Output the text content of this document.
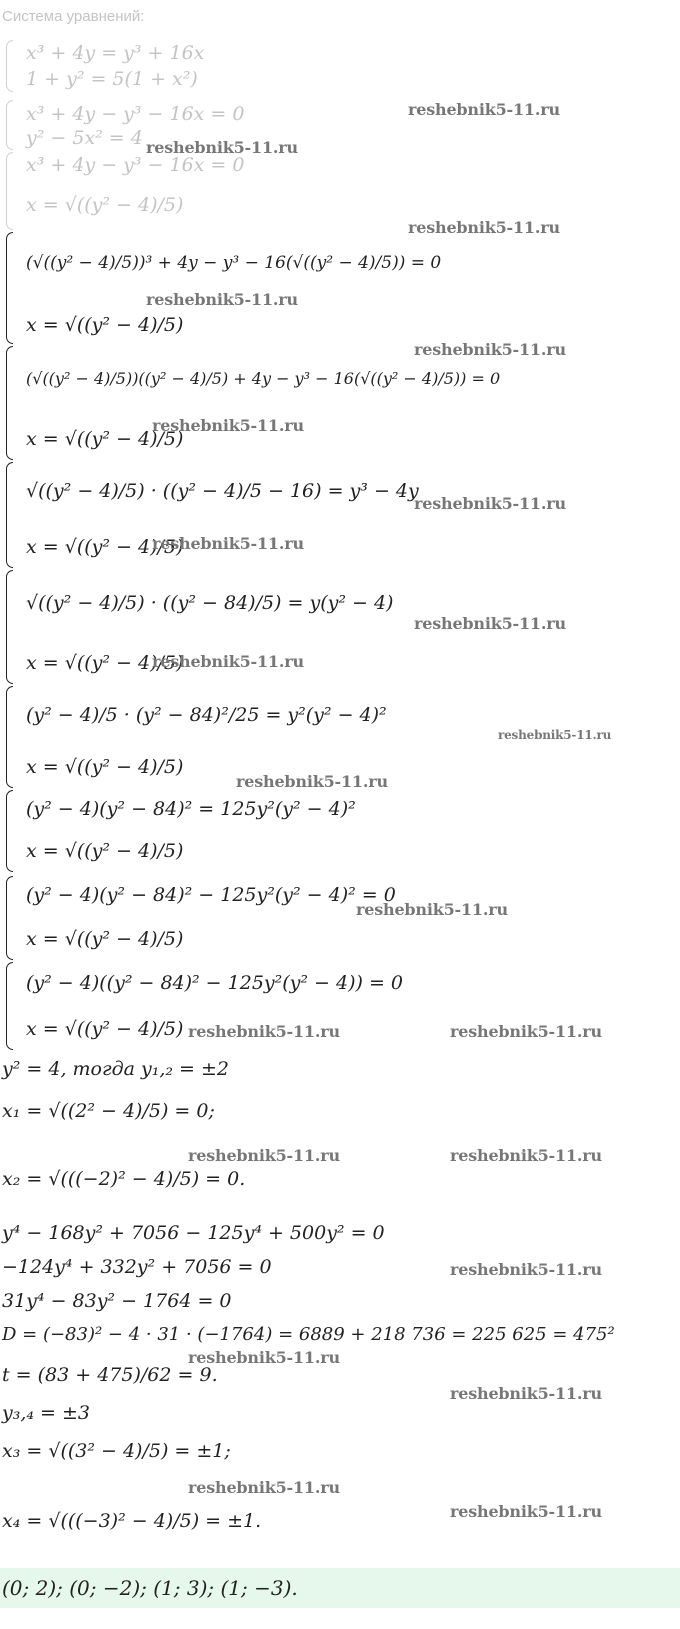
Система уравнений:
x³ + 4y = y³ + 16x
1 + y² = 5(1 + x²)
x³ + 4y − y³ − 16x = 0
y² − 5x² = 4
x³ + 4y − y³ − 16x = 0
x = √((y² − 4)/5)
(√((y² − 4)/5))³ + 4y − y³ − 16(√((y² − 4)/5)) = 0
x = √((y² − 4)/5)
(√((y² − 4)/5))((y² − 4)/5) + 4y − y³ − 16(√((y² − 4)/5)) = 0
x = √((y² − 4)/5)
√((y² − 4)/5) · ((y² − 4)/5 − 16) = y³ − 4y
x = √((y² − 4)/5)
√((y² − 4)/5) · ((y² − 84)/5) = y(y² − 4)
x = √((y² − 4)/5)
(y² − 4)/5 · (y² − 84)²/25 = y²(y² − 4)²
x = √((y² − 4)/5)
(y² − 4)(y² − 84)² = 125y²(y² − 4)²
x = √((y² − 4)/5)
(y² − 4)(y² − 84)² − 125y²(y² − 4)² = 0
x = √((y² − 4)/5)
(y² − 4)((y² − 84)² − 125y²(y² − 4)) = 0
x = √((y² − 4)/5)
y² = 4, тогда y₁,₂ = ±2
x₁ = √((2² − 4)/5) = 0;
x₂ = √(((−2)² − 4)/5) = 0.
y⁴ − 168y² + 7056 − 125y⁴ + 500y² = 0
−124y⁴ + 332y² + 7056 = 0
31y⁴ − 83y² − 1764 = 0
D = (−83)² − 4 · 31 · (−1764) = 6889 + 218 736 = 225 625 = 475²
t = (83 + 475)/62 = 9.
y₃,₄ = ±3
x₃ = √((3² − 4)/5) = ±1;
x₄ = √(((−3)² − 4)/5) = ±1.
(0; 2); (0; −2); (1; 3); (1; −3).
reshebnik5-11.ru
reshebnik5-11.ru
reshebnik5-11.ru
reshebnik5-11.ru
reshebnik5-11.ru
reshebnik5-11.ru
reshebnik5-11.ru
reshebnik5-11.ru
reshebnik5-11.ru
reshebnik5-11.ru
reshebnik5-11.ru
reshebnik5-11.ru
reshebnik5-11.ru
reshebnik5-11.ru	reshebnik5-11.ru
reshebnik5-11.ru	reshebnik5-11.ru
reshebnik5-11.ru
reshebnik5-11.ru
reshebnik5-11.ru
reshebnik5-11.ru
reshebnik5-11.ru
